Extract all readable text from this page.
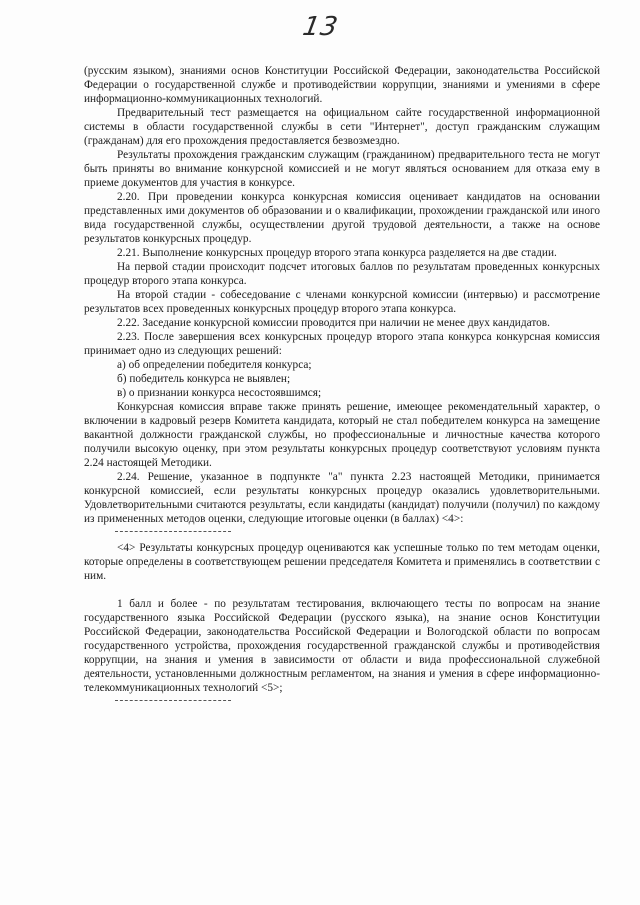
13

(русским языком), знаниями основ Конституции Российской Федерации, законодательства Российской Федерации о государственной службе и противодействии коррупции, знаниями и умениями в сфере информационно-коммуникационных технологий.

Предварительный тест размещается на официальном сайте государственной информационной системы в области государственной службы в сети "Интернет", доступ гражданским служащим (гражданам) для его прохождения предоставляется безвозмездно.

Результаты прохождения гражданским служащим (гражданином) предварительного теста не могут быть приняты во внимание конкурсной комиссией и не могут являться основанием для отказа ему в приеме документов для участия в конкурсе.

2.20. При проведении конкурса конкурсная комиссия оценивает кандидатов на основании представленных ими документов об образовании и о квалификации, прохождении гражданской или иного вида государственной службы, осуществлении другой трудовой деятельности, а также на основе результатов конкурсных процедур.

2.21. Выполнение конкурсных процедур второго этапа конкурса разделяется на две стадии.

На первой стадии происходит подсчет итоговых баллов по результатам проведенных конкурсных процедур второго этапа конкурса.

На второй стадии - собеседование с членами конкурсной комиссии (интервью) и рассмотрение результатов всех проведенных конкурсных процедур второго этапа конкурса.

2.22. Заседание конкурсной комиссии проводится при наличии не менее двух кандидатов.

2.23. После завершения всех конкурсных процедур второго этапа конкурса конкурсная комиссия принимает одно из следующих решений:

а) об определении победителя конкурса;

б) победитель конкурса не выявлен;

в) о признании конкурса несостоявшимся;

Конкурсная комиссия вправе также принять решение, имеющее рекомендательный характер, о включении в кадровый резерв Комитета кандидата, который не стал победителем конкурса на замещение вакантной должности гражданской службы, но профессиональные и личностные качества которого получили высокую оценку, при этом результаты конкурсных процедур соответствуют условиям пункта 2.24 настоящей Методики.

2.24. Решение, указанное в подпункте "а" пункта 2.23 настоящей Методики, принимается конкурсной комиссией, если результаты конкурсных процедур оказались удовлетворительными. Удовлетворительными считаются результаты, если кандидаты (кандидат) получили (получил) по каждому из примененных методов оценки, следующие итоговые оценки (в баллах) <4>:

<4> Результаты конкурсных процедур оцениваются как успешные только по тем методам оценки, которые определены в соответствующем решении председателя Комитета и применялись в соответствии с ним.

1 балл и более - по результатам тестирования, включающего тесты по вопросам на знание государственного языка Российской Федерации (русского языка), на знание основ Конституции Российской Федерации, законодательства Российской Федерации и Вологодской области по вопросам государственного устройства, прохождения государственной гражданской службы и противодействия коррупции, на знания и умения в зависимости от области и вида профессиональной служебной деятельности, установленными должностным регламентом, на знания и умения в сфере информационно-телекоммуникационных технологий <5>;
